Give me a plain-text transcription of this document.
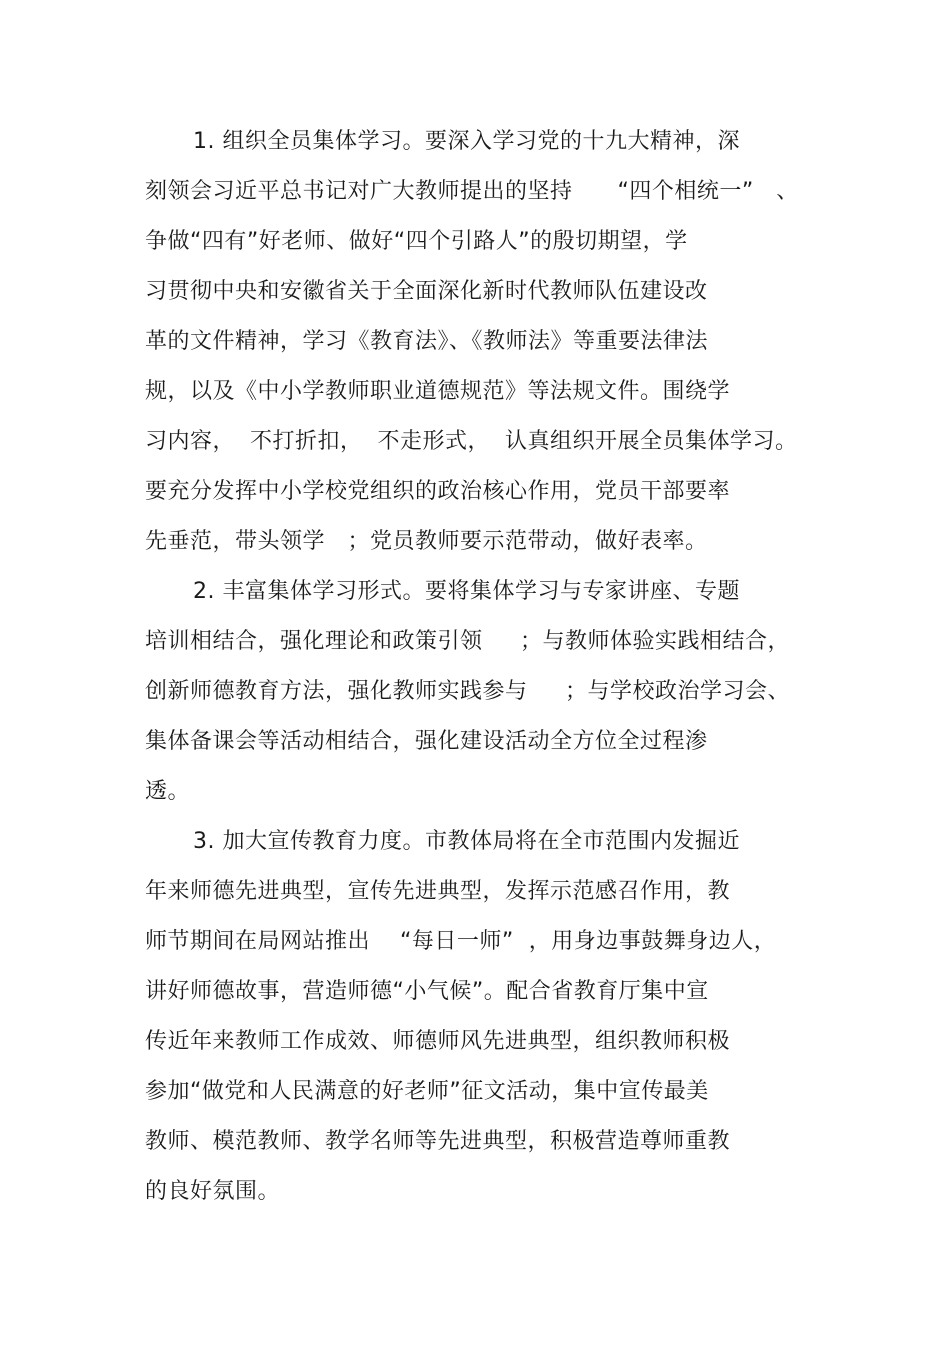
1. 组织全员集体学习。要深入学习党的十九大精神，深
刻领会习近平总书记对广大教师提出的坚持      “四个相统一”   、
争做“四有”好老师、做好“四个引路人”的殷切期望，学
习贯彻中央和安徽省关于全面深化新时代教师队伍建设改
革的文件精神，学习《教育法》、《教师法》等重要法律法
规，以及《中小学教师职业道德规范》等法规文件。围绕学
习内容，  不打折扣，  不走形式，  认真组织开展全员集体学习。
要充分发挥中小学校党组织的政治核心作用，党员干部要率
先垂范，带头领学   ；党员教师要示范带动，做好表率。
2. 丰富集体学习形式。要将集体学习与专家讲座、专题
培训相结合，强化理论和政策引领     ；与教师体验实践相结合，
创新师德教育方法，强化教师实践参与     ；与学校政治学习会、
集体备课会等活动相结合，强化建设活动全方位全过程渗
透。
3. 加大宣传教育力度。市教体局将在全市范围内发掘近
年来师德先进典型，宣传先进典型，发挥示范感召作用，教
师节期间在局网站推出    “每日一师”  ，用身边事鼓舞身边人，
讲好师德故事，营造师德“小气候”。配合省教育厅集中宣
传近年来教师工作成效、师德师风先进典型，组织教师积极
参加“做党和人民满意的好老师”征文活动，集中宣传最美
教师、模范教师、教学名师等先进典型，积极营造尊师重教
的良好氛围。
